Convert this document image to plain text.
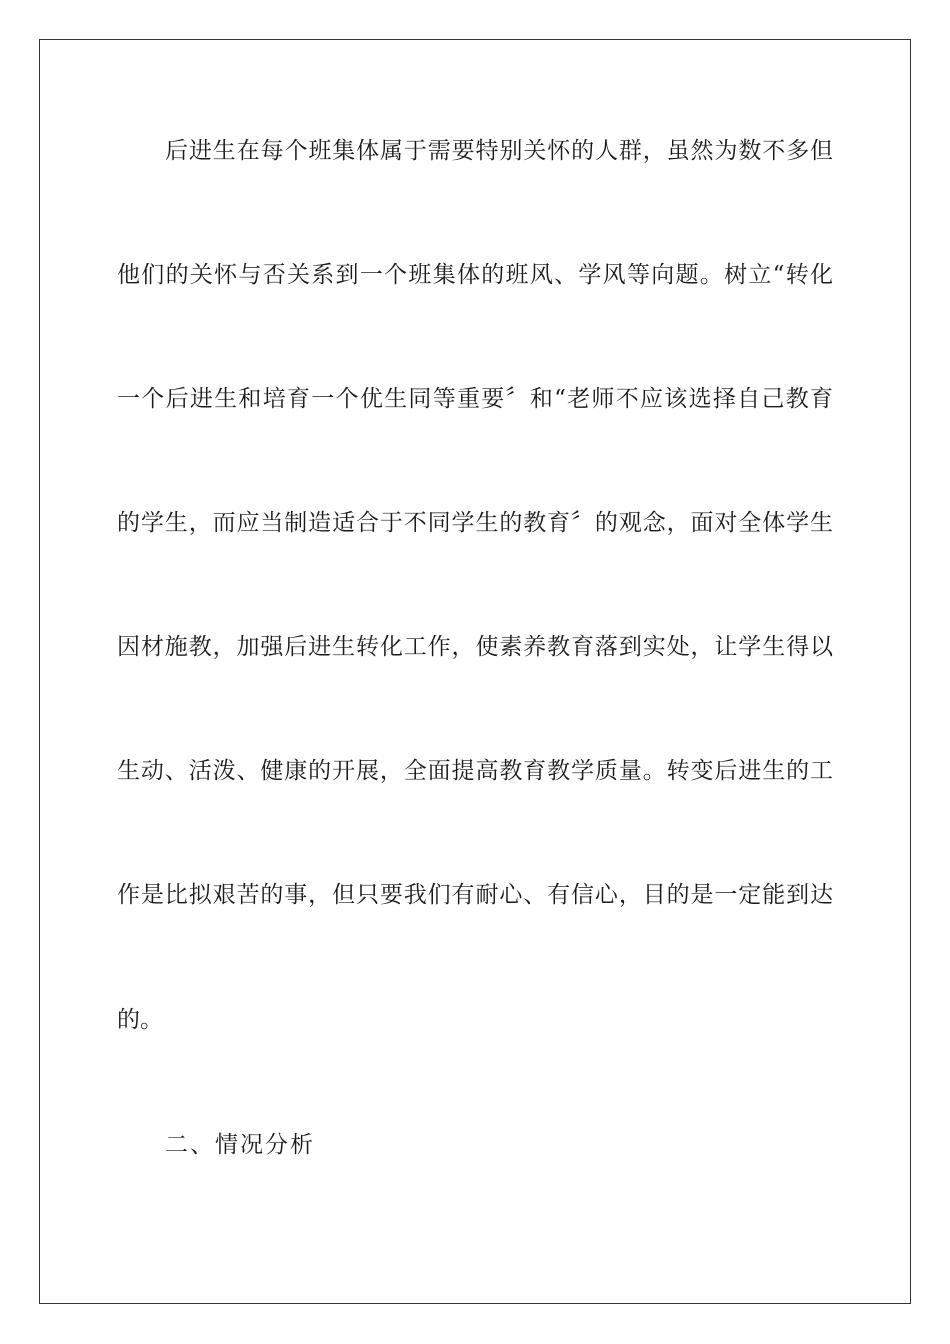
后进生在每个班集体属于需要特别关怀的人群，虽然为数不多但
他们的关怀与否关系到一个班集体的班风、学风等向题。树立“转化
一个后进生和培育一个优生同等重要〞和“老师不应该选择自己教育
的学生，而应当制造适合于不同学生的教育〞的观念，面对全体学生
因材施教，加强后进生转化工作，使素养教育落到实处，让学生得以
生动、活泼、健康的开展，全面提高教育教学质量。转变后进生的工
作是比拟艰苦的事，但只要我们有耐心、有信心，目的是一定能到达
的。
二、情况分析
